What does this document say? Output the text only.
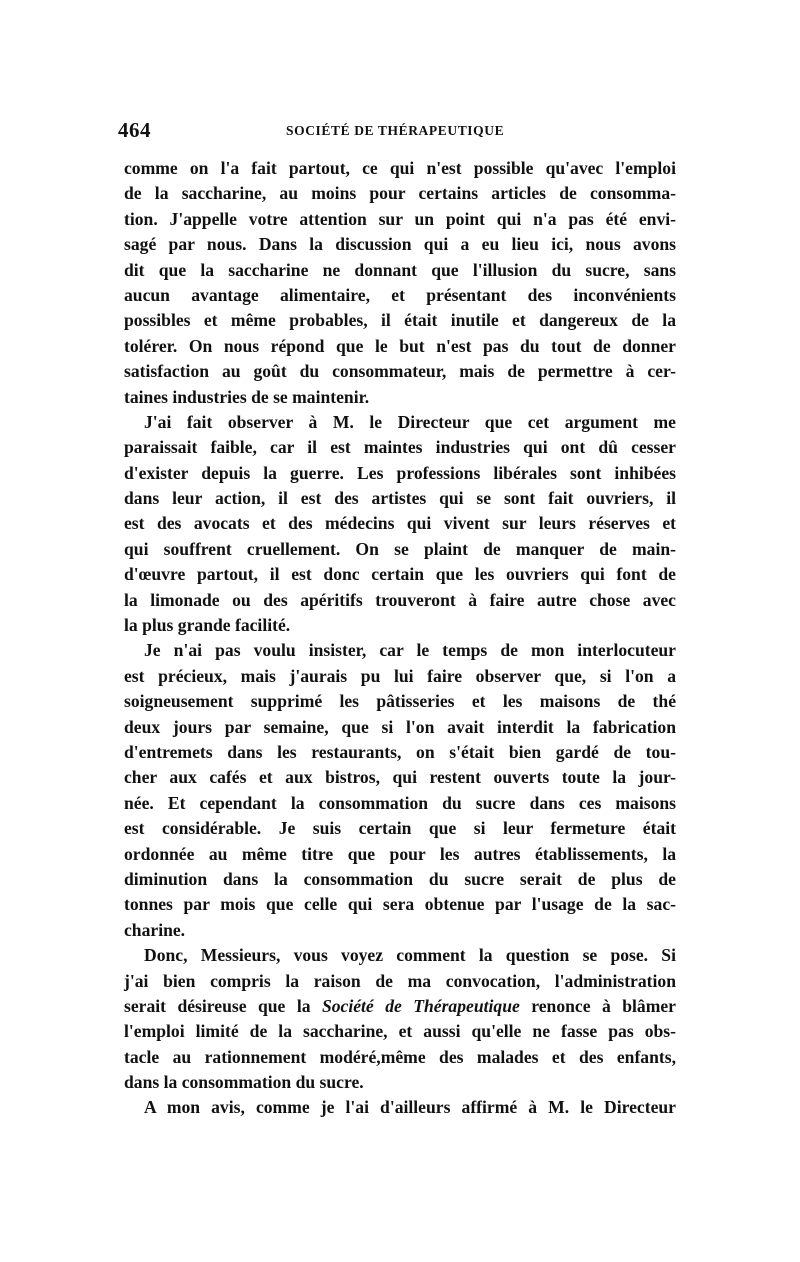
464	SOCIÉTÉ DE THÉRAPEUTIQUE
comme on l'a fait partout, ce qui n'est possible qu'avec l'emploi
de la saccharine, au moins pour certains articles de consomma-
tion. J'appelle votre attention sur un point qui n'a pas été envi-
sagé par nous. Dans la discussion qui a eu lieu ici, nous avons
dit que la saccharine ne donnant que l'illusion du sucre, sans
aucun avantage alimentaire, et présentant des inconvénients
possibles et même probables, il était inutile et dangereux de la
tolérer. On nous répond que le but n'est pas du tout de donner
satisfaction au goût du consommateur, mais de permettre à cer-
taines industries de se maintenir.
J'ai fait observer à M. le Directeur que cet argument me
paraissait faible, car il est maintes industries qui ont dû cesser
d'exister depuis la guerre. Les professions libérales sont inhibées
dans leur action, il est des artistes qui se sont fait ouvriers, il
est des avocats et des médecins qui vivent sur leurs réserves et
qui souffrent cruellement. On se plaint de manquer de main-
d'œuvre partout, il est donc certain que les ouvriers qui font de
la limonade ou des apéritifs trouveront à faire autre chose avec
la plus grande facilité.
Je n'ai pas voulu insister, car le temps de mon interlocuteur
est précieux, mais j'aurais pu lui faire observer que, si l'on a
soigneusement supprimé les pâtisseries et les maisons de thé
deux jours par semaine, que si l'on avait interdit la fabrication
d'entremets dans les restaurants, on s'était bien gardé de tou-
cher aux cafés et aux bistros, qui restent ouverts toute la jour-
née. Et cependant la consommation du sucre dans ces maisons
est considérable. Je suis certain que si leur fermeture était
ordonnée au même titre que pour les autres établissements, la
diminution dans la consommation du sucre serait de plus de
tonnes par mois que celle qui sera obtenue par l'usage de la sac-
charine.
Donc, Messieurs, vous voyez comment la question se pose. Si
j'ai bien compris la raison de ma convocation, l'administration
serait désireuse que la Société de Thérapeutique renonce à blâmer
l'emploi limité de la saccharine, et aussi qu'elle ne fasse pas obs-
tacle au rationnement modéré,même des malades et des enfants,
dans la consommation du sucre.
A mon avis, comme je l'ai d'ailleurs affirmé à M. le Directeur
